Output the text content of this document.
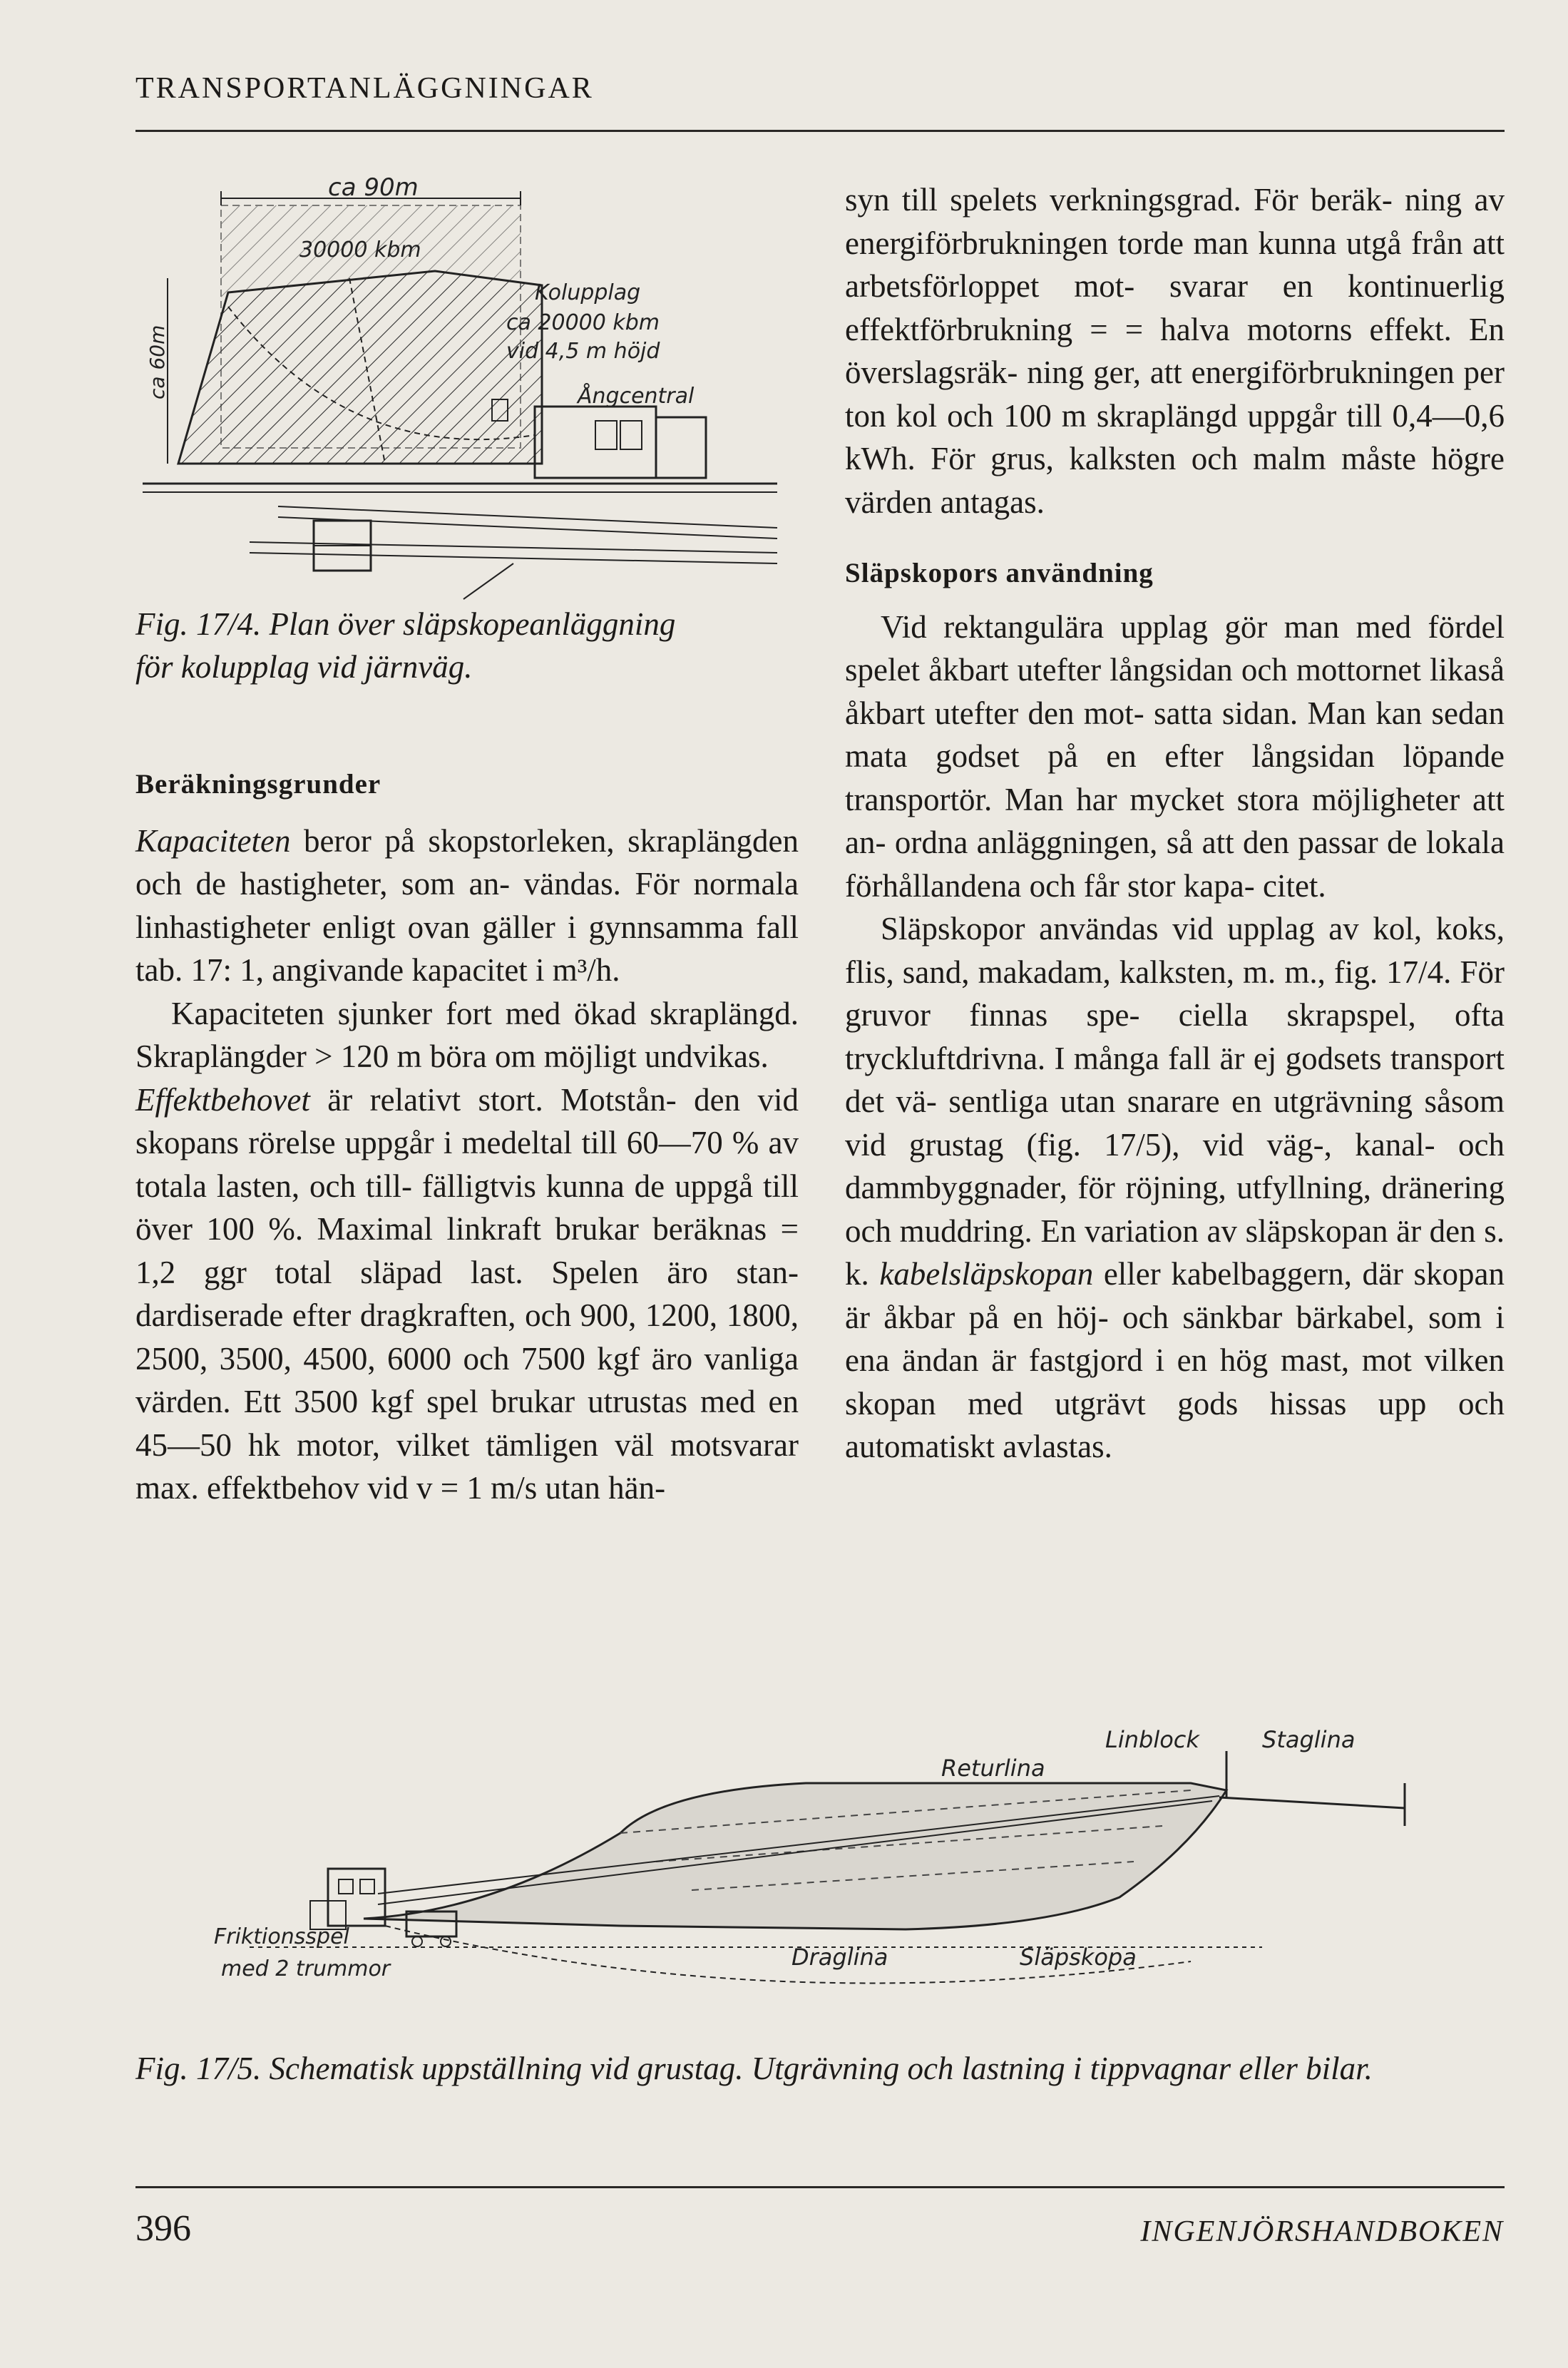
TRANSPORTANLÄGGNINGAR
ca 90m
30000 kbm
ca 60m
Kolupplag
ca 20000 kbm
vid 4,5 m höjd
Ångcentral
Fig. 17/4. Plan över släpskopeanläggning
för kolupplag vid järnväg.
Beräkningsgrunder

Kapaciteten beror på skopstorleken, skraplängden och de hastigheter, som an- vändas. För normala linhastigheter enligt ovan gäller i gynnsamma fall tab. 17: 1, angivande kapacitet i m³/h.

Kapaciteten sjunker fort med ökad skraplängd. Skraplängder > 120 m böra om möjligt undvikas.

Effektbehovet är relativt stort. Motstån- den vid skopans rörelse uppgår i medeltal till 60—70 % av totala lasten, och till- fälligtvis kunna de uppgå till över 100 %. Maximal linkraft brukar beräknas = 1,2 ggr total släpad last. Spelen äro stan- dardiserade efter dragkraften, och 900, 1200, 1800, 2500, 3500, 4500, 6000 och 7500 kgf äro vanliga värden. Ett 3500 kgf spel brukar utrustas med en 45—50 hk motor, vilket tämligen väl motsvarar max. effektbehov vid v = 1 m/s utan hän-

syn till spelets verkningsgrad. För beräk- ning av energiförbrukningen torde man kunna utgå från att arbetsförloppet mot- svarar en kontinuerlig effektförbrukning = = halva motorns effekt. En överslagsräk- ning ger, att energiförbrukningen per ton kol och 100 m skraplängd uppgår till 0,4—0,6 kWh. För grus, kalksten och malm måste högre värden antagas.

Släpskopors användning

Vid rektangulära upplag gör man med fördel spelet åkbart utefter långsidan och mottornet likaså åkbart utefter den mot- satta sidan. Man kan sedan mata godset på en efter långsidan löpande transportör. Man har mycket stora möjligheter att an- ordna anläggningen, så att den passar de lokala förhållandena och får stor kapa- citet.

Släpskopor användas vid upplag av kol, koks, flis, sand, makadam, kalksten, m. m., fig. 17/4. För gruvor finnas spe- ciella skrapspel, ofta tryckluftdrivna. I många fall är ej godsets transport det vä- sentliga utan snarare en utgrävning såsom vid grustag (fig. 17/5), vid väg-, kanal- och dammbyggnader, för röjning, utfyllning, dränering och muddring. En variation av släpskopan är den s. k. kabelsläpskopan eller kabelbaggern, där skopan är åkbar på en höj- och sänkbar bärkabel, som i ena ändan är fastgjord i en hög mast, mot vilken skopan med utgrävt gods hissas upp och automatiskt avlastas.

Linblock	Staglina
Returlina
Draglina	Släpskopa
Friktionsspel
med 2 trummor
Fig. 17/5. Schematisk uppställning vid grustag. Utgrävning och lastning i tippvagnar eller bilar.
396	INGENJÖRSHANDBOKEN
